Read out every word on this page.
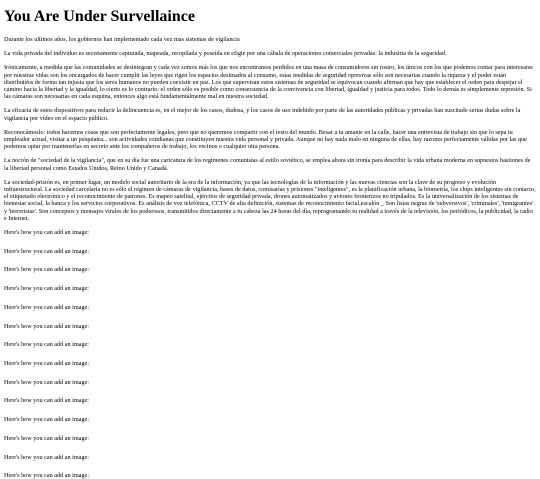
You Are Under Survellaince

Durante los ultimos años, los gobiernos han implementado cada vez mas sistemas de vigilancia

La vida privada del individuo es secretamente capturada, mapeada, recopilada y poseída en efigie por una cábala de operaciones comerciales privadas: la industria de la seguridad.

Irónicamente, a medida que las comunidades se desintegran y cada vez somos más los que nos encontramos perdidos en una masa de consumidores sin rostro, los únicos con los que podemos contar para interesarse por nuestras vidas son los encargados de hacer cumplir las leyes que rigen los espacios destinados al consumo, estas medidas de seguridad opresivas sólo son necesarias cuando la riqueza y el poder están distribuidos de forma tan injusta que los seres humanos no pueden coexistir en paz. Los que supervisan estos sistemas de seguridad se equivocan cuando afirman que hay que establecer el orden para despejar el camino hacia la libertad y la igualdad, lo cierto es lo contrario: el orden sólo es posible como consecuencia de la convivencia con libertad, igualdad y justicia para todos. Todo lo demás es simplemente represión. Si las cámaras son necesarias en cada esquina, entonces algo está fundamentalmente mal en nuestra sociedad.

La eficacia de estos dispositivos para reducir la delincuencia es, en el mejor de los casos, dudosa, y los casos de uso indebido por parte de las autoridades públicas y privadas han suscitado serias dudas sobre la vigilancia por vídeo en el espacio público.

Reconocámoslo: todos hacemos cosas que son perfectamente legales, pero que no queremos compartir con el resto del mundo. Besar a tu amante en la calle, hacer una entrevista de trabajo sin que lo sepa tu empleador actual, visitar a un psiquiatra... son actividades cotidianas que constituyen nuestra vida personal y privada. Aunque no hay nada malo en ninguna de ellas, hay razones perfectamente válidas por las que podemos optar por mantenerlas en secreto ante los compañeros de trabajo, los vecinos o cualquier otra persona.

La noción de "sociedad de la vigilancia", que en su día fue una caricatura de los regímenes comunistas al estilo soviético, se emplea ahora sin ironía para describir la vida urbana moderna en supuestos bastiones de la libertad personal como Estados Unidos, Reino Unido y Canadá.

La sociedad-prisión es, en primer lugar, un modelo social autoritario de la era de la información, ya que las tecnologías de la información y las nuevas ciencias son la clave de su progreso y evolución infraestructural. La sociedad carcelaria no es sólo el régimen de cámaras de vigilancia, bases de datos, comisarías y prisiones "inteligentes", es la planificación urbana, la biometría, los chips inteligentes sin contacto, el etiquetado electrónico y el reconocimiento de patrones. Es mapeo satelital, ejércitos de seguridad privada, drones automatizados y aviones fronterizos no tripulados. Es la universalización de los sistemas de bienestar social, la banca y los servicios corporativos. Es análisis de voz telefónica, CCTV de alta definición, sistemas de reconocimiento facial,escalón _ Son listas negras de 'subversivos', 'criminales', 'inmigrantes' y 'terroristas'. Son conceptos y mensajes virales de los poderosos, transmitidos directamente a tu cabeza las 24 horas del día, reprogramando tu realidad a través de la televisión, los periódicos, la publicidad, la radio e Internet.

Here's how you can add an image:

Here's how you can add an image:

Here's how you can add an image:

Here's how you can add an image:

Here's how you can add an image:

Here's how you can add an image:

Here's how you can add an image:

Here's how you can add an image:

Here's how you can add an image:

Here's how you can add an image:

Here's how you can add an image:

Here's how you can add an image:

Here's how you can add an image:

Here's how you can add an image:
